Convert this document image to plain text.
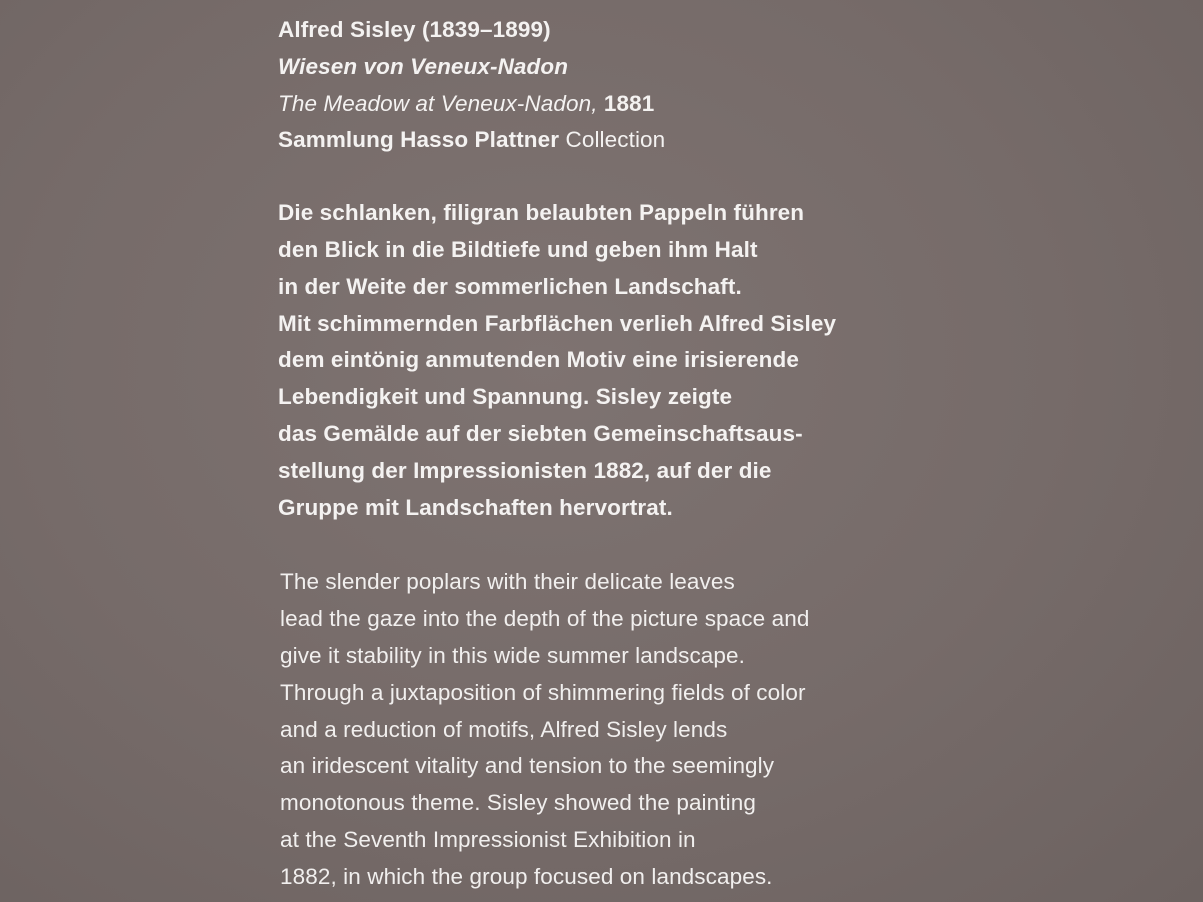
Alfred Sisley (1839–1899)
Wiesen von Veneux-Nadon
The Meadow at Veneux-Nadon, 1881
Sammlung Hasso Plattner Collection
Die schlanken, filigran belaubten Pappeln führen
den Blick in die Bildtiefe und geben ihm Halt
in der Weite der sommerlichen Landschaft.
Mit schimmernden Farbflächen verlieh Alfred Sisley
dem eintönig anmutenden Motiv eine irisierende
Lebendigkeit und Spannung. Sisley zeigte
das Gemälde auf der siebten Gemeinschaftsaus-
stellung der Impressionisten 1882, auf der die
Gruppe mit Landschaften hervortrat.
The slender poplars with their delicate leaves
lead the gaze into the depth of the picture space and
give it stability in this wide summer landscape.
Through a juxtaposition of shimmering fields of color
and a reduction of motifs, Alfred Sisley lends
an iridescent vitality and tension to the seemingly
monotonous theme. Sisley showed the painting
at the Seventh Impressionist Exhibition in
1882, in which the group focused on landscapes.
